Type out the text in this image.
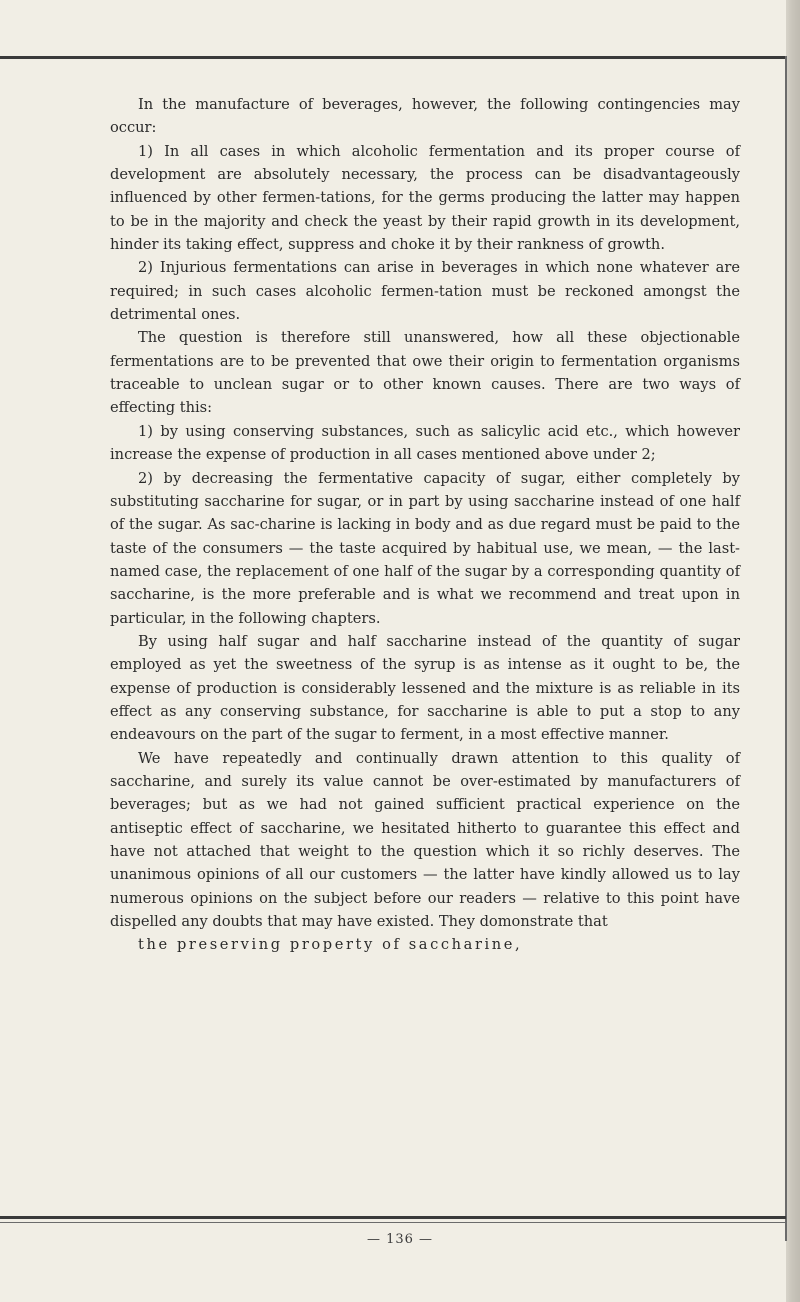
In the manufacture of beverages, however, the following contingencies may occur:

1) In all cases in which alcoholic fermentation and its proper course of development are absolutely necessary, the process can be disadvantageously influenced by other fermen-tations, for the germs producing the latter may happen to be in the majority and check the yeast by their rapid growth in its development, hinder its taking effect, suppress and choke it by their rankness of growth.

2) Injurious fermentations can arise in beverages in which none whatever are required; in such cases alcoholic fermen-tation must be reckoned amongst the detrimental ones.

The question is therefore still unanswered, how all these objectionable fermentations are to be prevented that owe their origin to fermentation organisms traceable to unclean sugar or to other known causes. There are two ways of effecting this:

1) by using conserving substances, such as salicylic acid etc., which however increase the expense of production in all cases mentioned above under 2;

2) by decreasing the fermentative capacity of sugar, either completely by substituting saccharine for sugar, or in part by using saccharine instead of one half of the sugar. As sac-charine is lacking in body and as due regard must be paid to the taste of the consumers — the taste acquired by habitual use, we mean, — the last-named case, the replacement of one half of the sugar by a corresponding quantity of saccharine, is the more preferable and is what we recommend and treat upon in particular, in the following chapters.

By using half sugar and half saccharine instead of the quantity of sugar employed as yet the sweetness of the syrup is as intense as it ought to be, the expense of production is considerably lessened and the mixture is as reliable in its effect as any conserving substance, for saccharine is able to put a stop to any endeavours on the part of the sugar to ferment, in a most effective manner.

We have repeatedly and continually drawn attention to this quality of saccharine, and surely its value cannot be over-estimated by manufacturers of beverages; but as we had not gained sufficient practical experience on the antiseptic effect of saccharine, we hesitated hitherto to guarantee this effect and have not attached that weight to the question which it so richly deserves. The unanimous opinions of all our customers — the latter have kindly allowed us to lay numerous opinions on the subject before our readers — relative to this point have dispelled any doubts that may have existed. They domonstrate that

the preserving property of saccharine,

— 136 —
